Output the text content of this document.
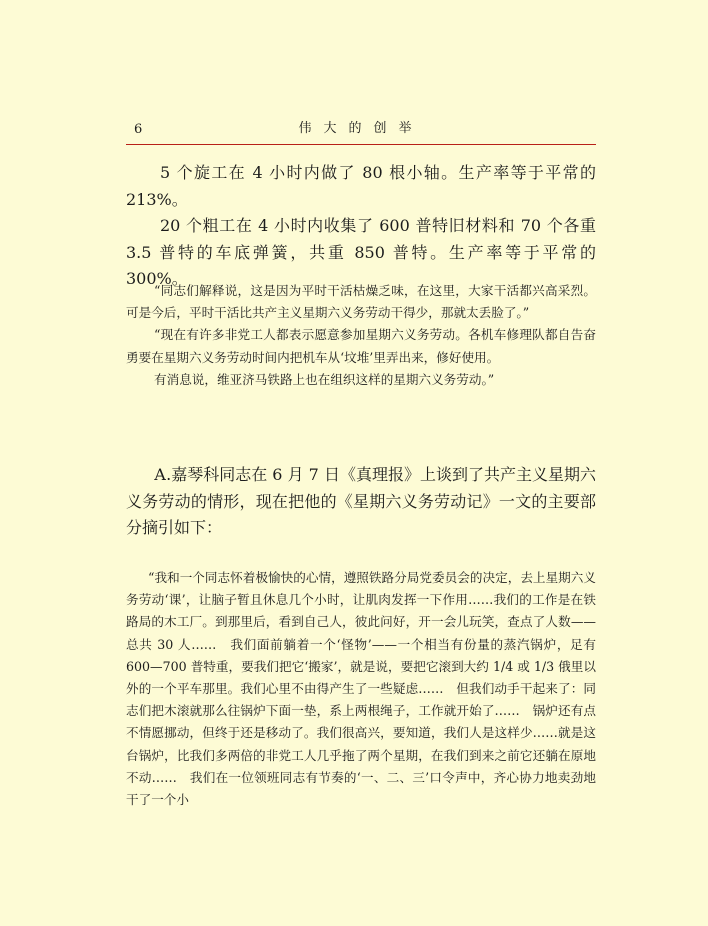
6	伟大的创举

5 个旋工在 4 小时内做了 80 根小轴。生产率等于平常的 213%。

20 个粗工在 4 小时内收集了 600 普特旧材料和 70 个各重 3.5 普特的车底弹簧，共重 850 普特。生产率等于平常的 300%。

“同志们解释说，这是因为平时干活枯燥乏味，在这里，大家干活都兴高采烈。可是今后，平时干活比共产主义星期六义务劳动干得少，那就太丢脸了。”

“现在有许多非党工人都表示愿意参加星期六义务劳动。各机车修理队都自告奋勇要在星期六义务劳动时间内把机车从‘坟堆’里弄出来，修好使用。

有消息说，维亚济马铁路上也在组织这样的星期六义务劳动。”

А.嘉琴科同志在 6 月 7 日《真理报》上谈到了共产主义星期六义务劳动的情形，现在把他的《星期六义务劳动记》一文的主要部分摘引如下：

“我和一个同志怀着极愉快的心情，遵照铁路分局党委员会的决定，去上星期六义务劳动‘课’，让脑子暂且休息几个小时，让肌肉发挥一下作用……我们的工作是在铁路局的木工厂。到那里后，看到自己人，彼此问好，开一会儿玩笑，查点了人数——总共 30 人……　我们面前躺着一个‘怪物’——一个相当有份量的蒸汽锅炉，足有 600—700 普特重，要我们把它‘搬家’，就是说，要把它滚到大约 1/4 或 1/3 俄里以外的一个平车那里。我们心里不由得产生了一些疑虑……　但我们动手干起来了：同志们把木滚就那么往锅炉下面一垫，系上两根绳子，工作就开始了……　锅炉还有点不情愿挪动，但终于还是移动了。我们很高兴，要知道，我们人是这样少……就是这台锅炉，比我们多两倍的非党工人几乎拖了两个星期，在我们到来之前它还躺在原地不动……　我们在一位领班同志有节奏的‘一、二、三’口令声中，齐心协力地卖劲地干了一个小
